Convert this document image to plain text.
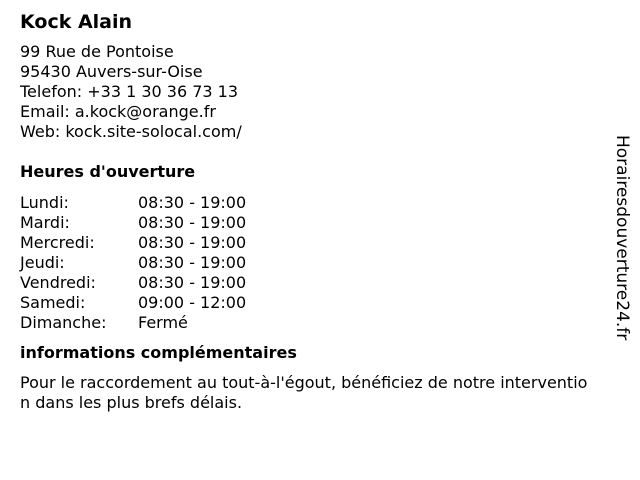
Kock Alain
99 Rue de Pontoise
95430 Auvers-sur-Oise
Telefon: +33 1 30 36 73 13
Email: a.kock@orange.fr
Web: kock.site-solocal.com/
Heures d'ouverture
Lundi:	08:30 - 19:00
Mardi:	08:30 - 19:00
Mercredi:	08:30 - 19:00
Jeudi:	08:30 - 19:00
Vendredi:	08:30 - 19:00
Samedi:	09:00 - 12:00
Dimanche:	Fermé
informations complémentaires
Pour le raccordement au tout-à-l'égout, bénéficiez de notre intervention dans les plus brefs délais.
Horairesdouverture24.fr
